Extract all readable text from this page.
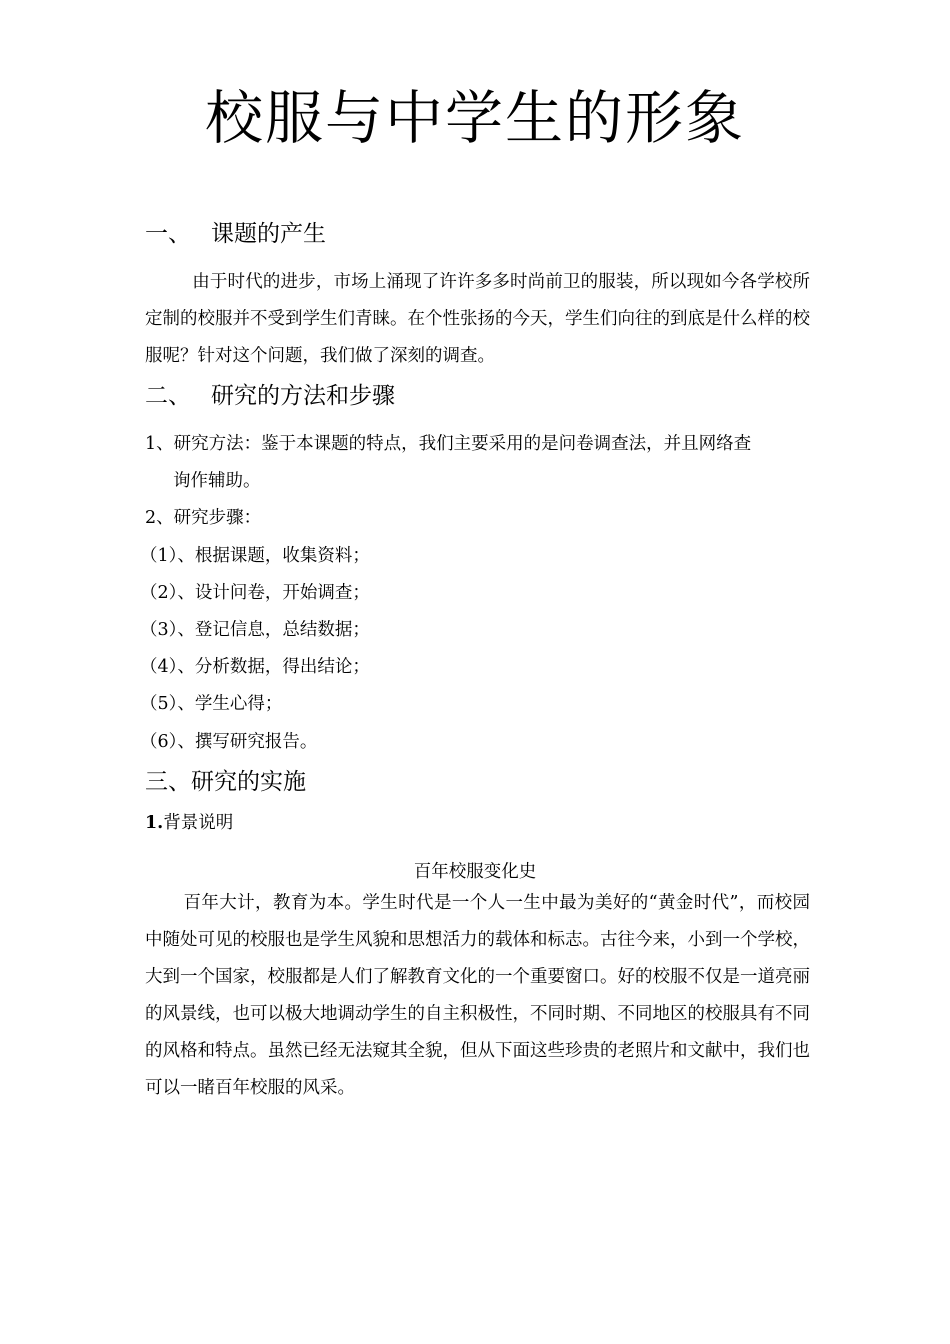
校服与中学生的形象
一、 课题的产生
由于时代的进步，市场上涌现了许许多多时尚前卫的服装，所以现如今各学校所定制的校服并不受到学生们青睐。在个性张扬的今天，学生们向往的到底是什么样的校服呢？针对这个问题，我们做了深刻的调查。
二、 研究的方法和步骤
1、研究方法：鉴于本课题的特点，我们主要采用的是问卷调查法，并且网络查
询作辅助。
2、研究步骤：
（1）、根据课题，收集资料；
（2）、设计问卷，开始调查；
（3）、登记信息，总结数据；
（4）、分析数据，得出结论；
（5）、学生心得；
（6）、撰写研究报告。
三、研究的实施
1.背景说明
百年校服变化史
百年大计，教育为本。学生时代是一个人一生中最为美好的“黄金时代”，而校园中随处可见的校服也是学生风貌和思想活力的载体和标志。古往今来，小到一个学校，大到一个国家，校服都是人们了解教育文化的一个重要窗口。好的校服不仅是一道亮丽的风景线，也可以极大地调动学生的自主积极性，不同时期、不同地区的校服具有不同的风格和特点。虽然已经无法窥其全貌，但从下面这些珍贵的老照片和文献中，我们也可以一睹百年校服的风采。
